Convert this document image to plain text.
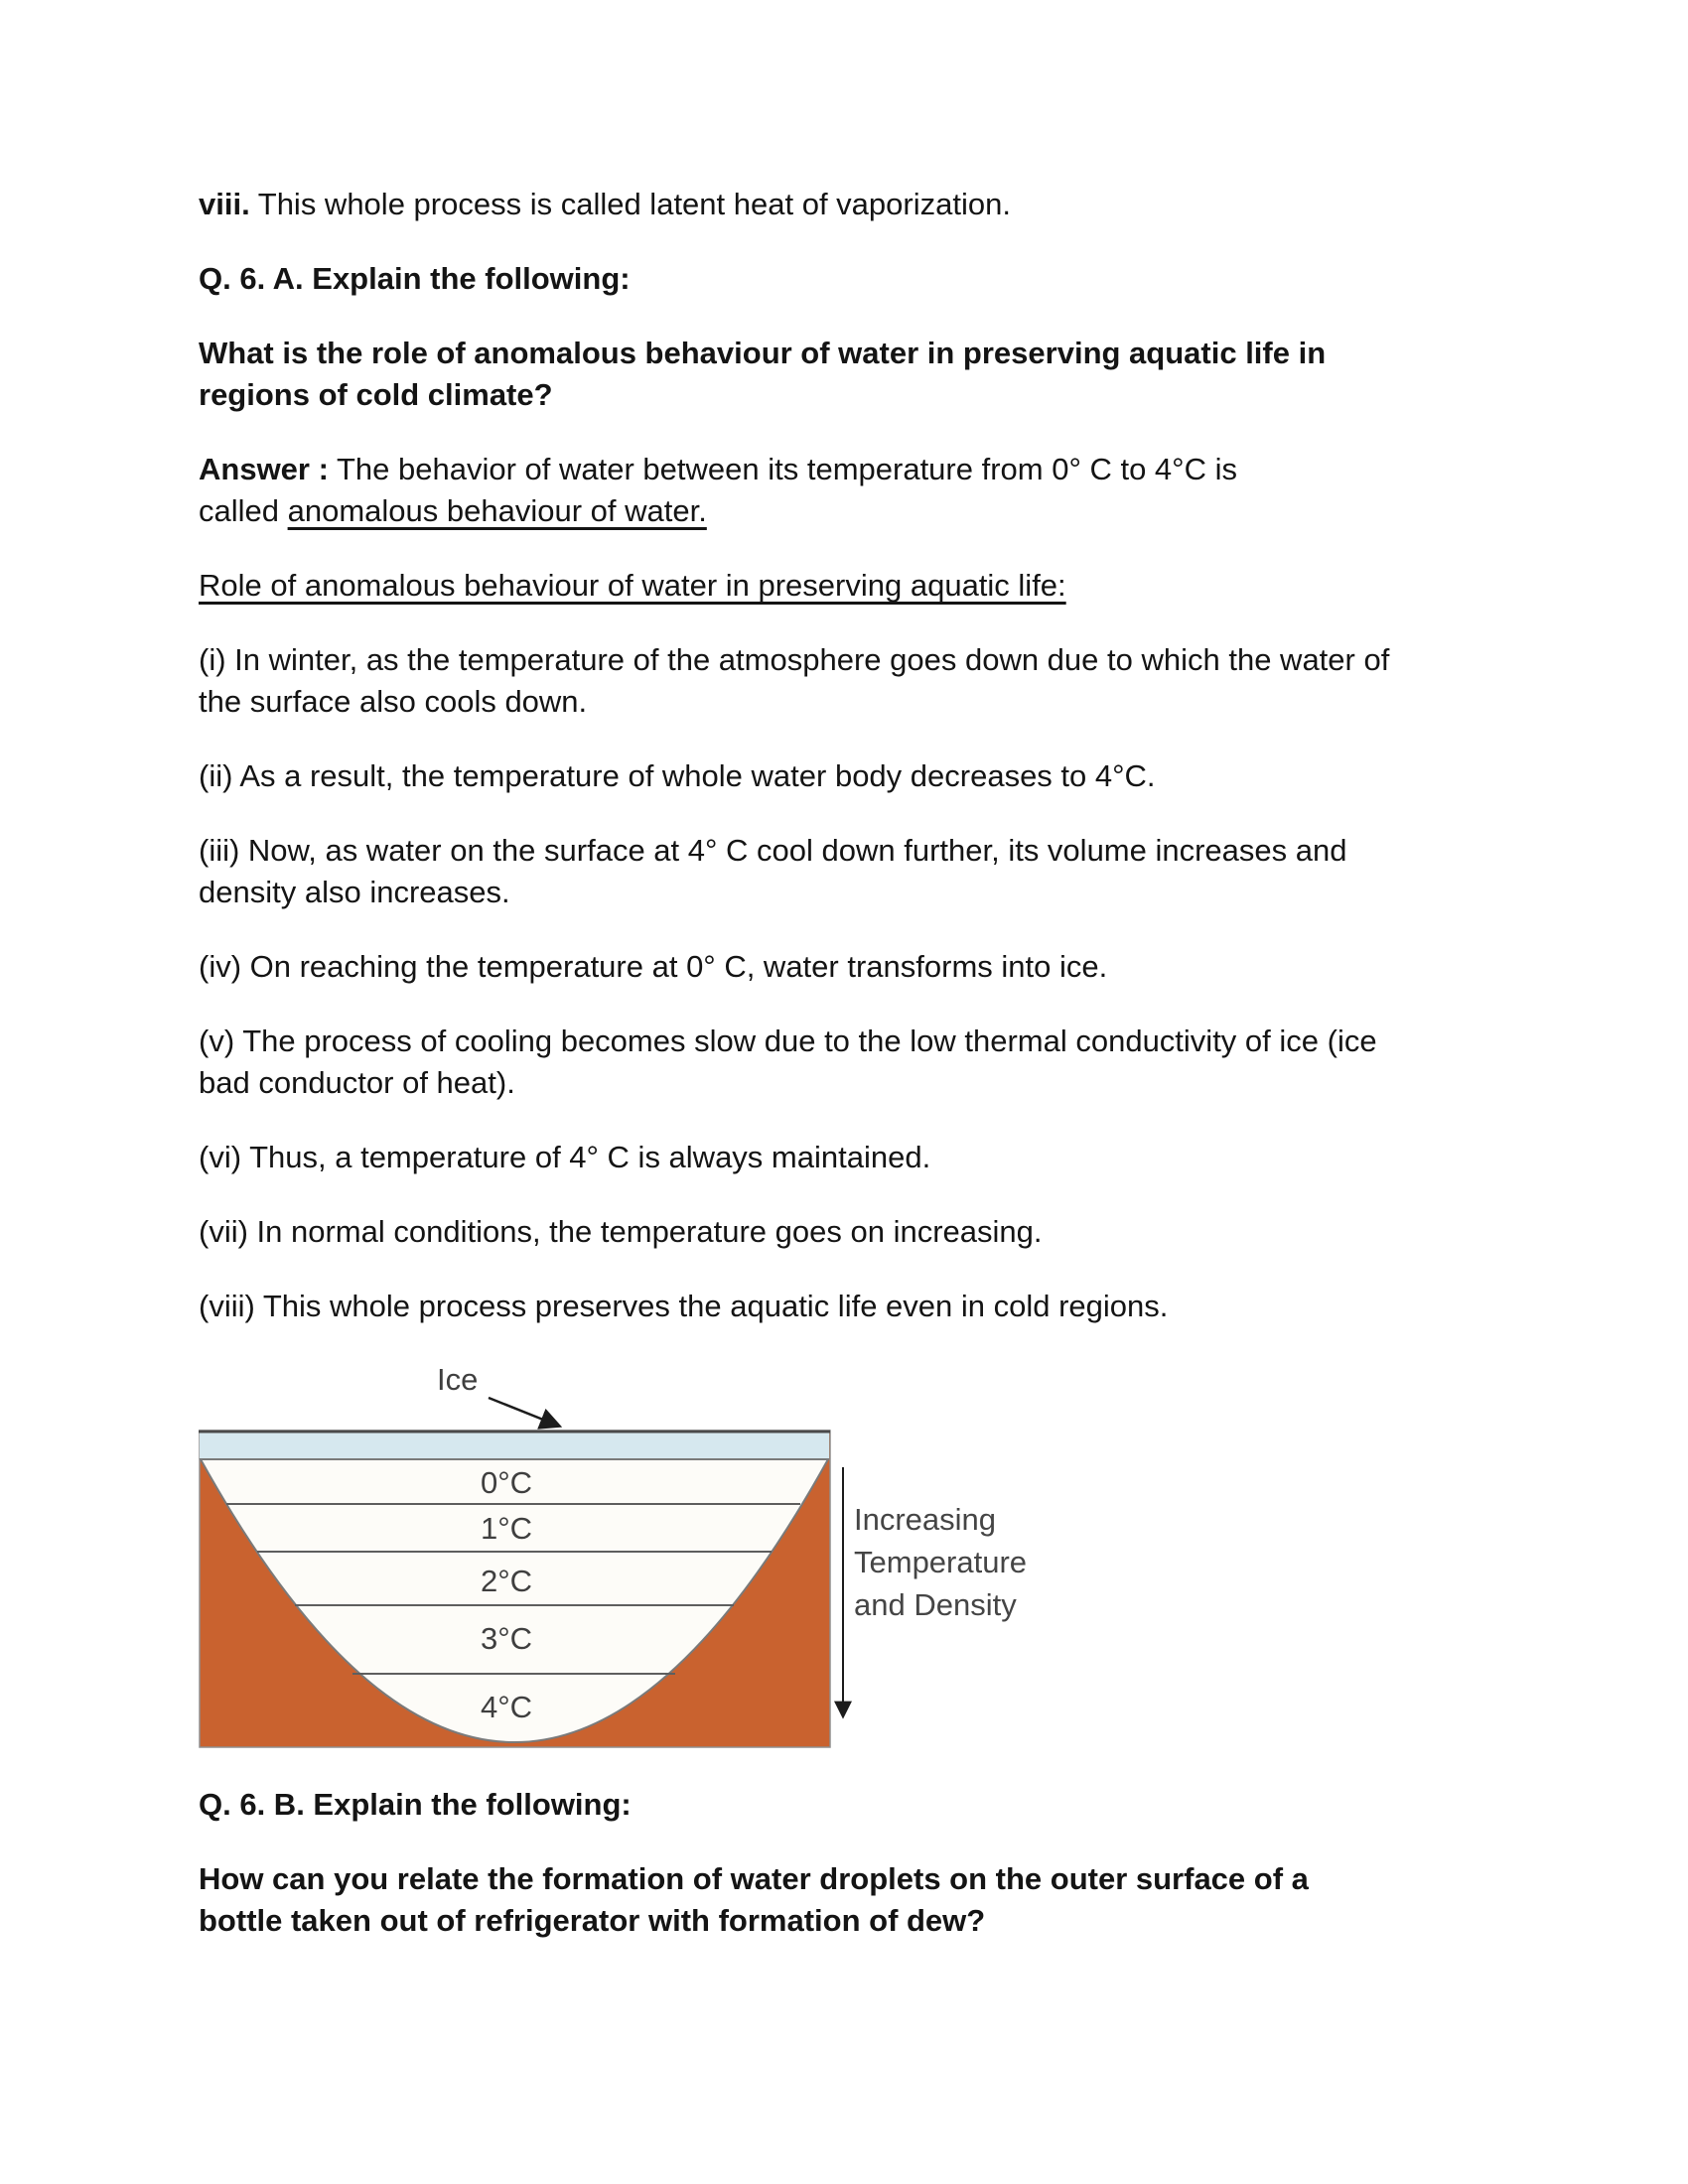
viii. This whole process is called latent heat of vaporization.

Q. 6. A. Explain the following:

What is the role of anomalous behaviour of water in preserving aquatic life in
regions of cold climate?

Answer : The behavior of water between its temperature from 0° C to 4°C is
called anomalous behaviour of water.

Role of anomalous behaviour of water in preserving aquatic life:

(i) In winter, as the temperature of the atmosphere goes down due to which the water of
the surface also cools down.

(ii) As a result, the temperature of whole water body decreases to 4°C.

(iii) Now, as water on the surface at 4° C cool down further, its volume increases and
density also increases.

(iv) On reaching the temperature at 0° C, water transforms into ice.

(v) The process of cooling becomes slow due to the low thermal conductivity of ice (ice
bad conductor of heat).

(vi) Thus, a temperature of 4° C is always maintained.

(vii) In normal conditions, the temperature goes on increasing.

(viii) This whole process preserves the aquatic life even in cold regions.

0°C
1°C
2°C
3°C
4°C
Ice
Increasing
Temperature
and Density

Q. 6. B. Explain the following:

How can you relate the formation of water droplets on the outer surface of a
bottle taken out of refrigerator with formation of dew?
